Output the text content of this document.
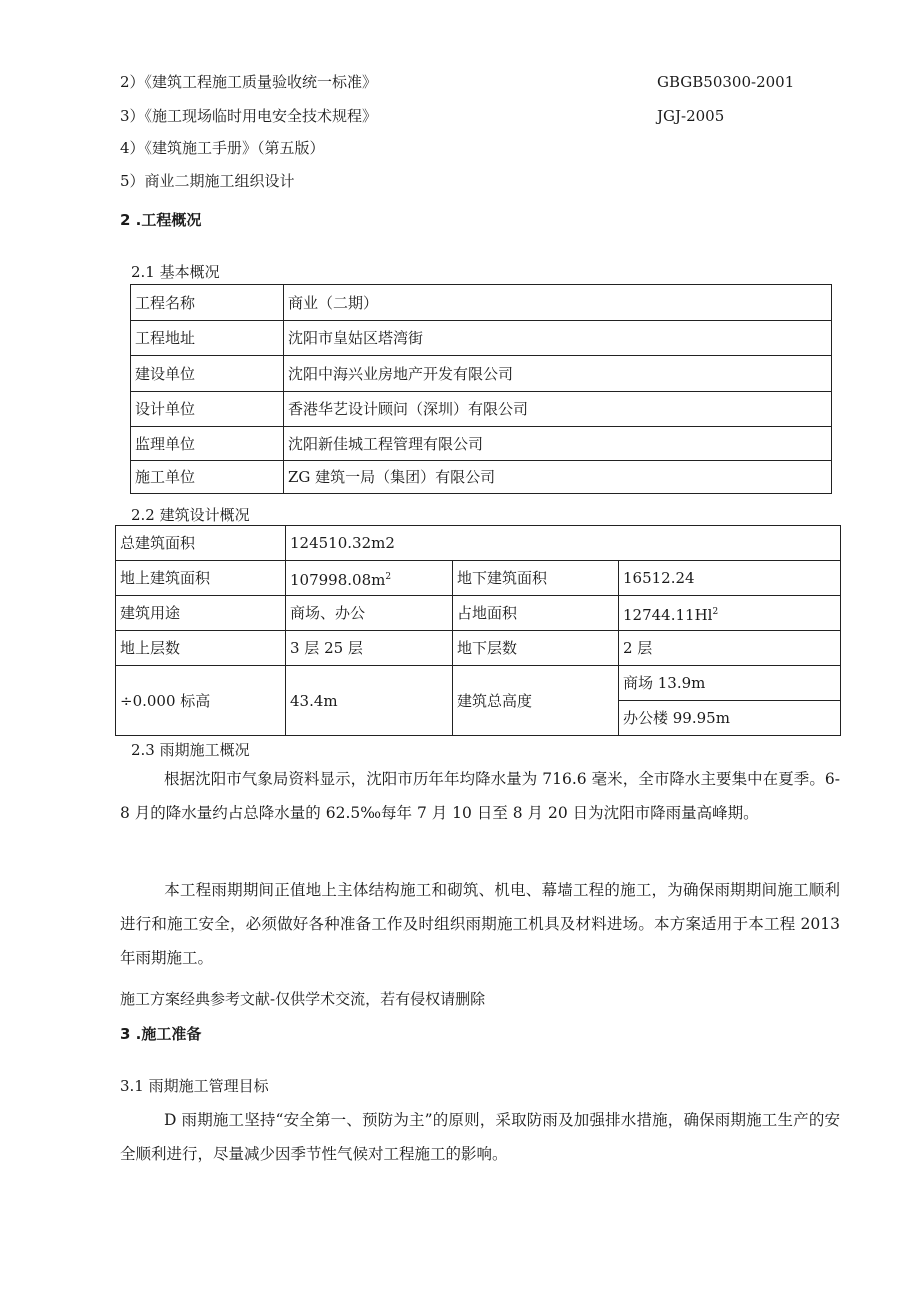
2）《建筑工程施工质量验收统一标准》	GBGB50300-2001
3）《施工现场临时用电安全技术规程》	JGJ-2005
4）《建筑施工手册》（第五版）
5）商业二期施工组织设计
2 .工程概况
2.1 基本概况
工程名称	商业（二期）
工程地址	沈阳市皇姑区塔湾街
建设单位	沈阳中海兴业房地产开发有限公司
设计单位	香港华艺设计顾问（深圳）有限公司
监理单位	沈阳新佳城工程管理有限公司
施工单位	ZG 建筑一局（集团）有限公司
2.2 建筑设计概况
总建筑面积	124510.32m2		
地上建筑面积	$107998.08m^2$	地下建筑面积	16512.24
建筑用途	商场、办公	占地面积	12744.11Hl$^2$
地上层数	3 层 25 层	地下层数	2 层
÷0.000 标高	43.4m	建筑总高度	商场 13.9m
			办公楼 99.95m
2.3 雨期施工概况
根据沈阳市气象局资料显示，沈阳市历年年均降水量为 716.6 毫米，全市降水主要集中在夏季。6-8 月的降水量约占总降水量的 62.5‰每年 7 月 10 日至 8 月 20 日为沈阳市降雨量高峰期。
本工程雨期期间正值地上主体结构施工和砌筑、机电、幕墙工程的施工，为确保雨期期间施工顺利进行和施工安全，必须做好各种准备工作及时组织雨期施工机具及材料进场。本方案适用于本工程 2013 年雨期施工。
施工方案经典参考文献-仅供学术交流，若有侵权请删除
3 .施工准备
3.1 雨期施工管理目标
D 雨期施工坚持“安全第一、预防为主”的原则，采取防雨及加强排水措施，确保雨期施工生产的安全顺利进行，尽量减少因季节性气候对工程施工的影响。
